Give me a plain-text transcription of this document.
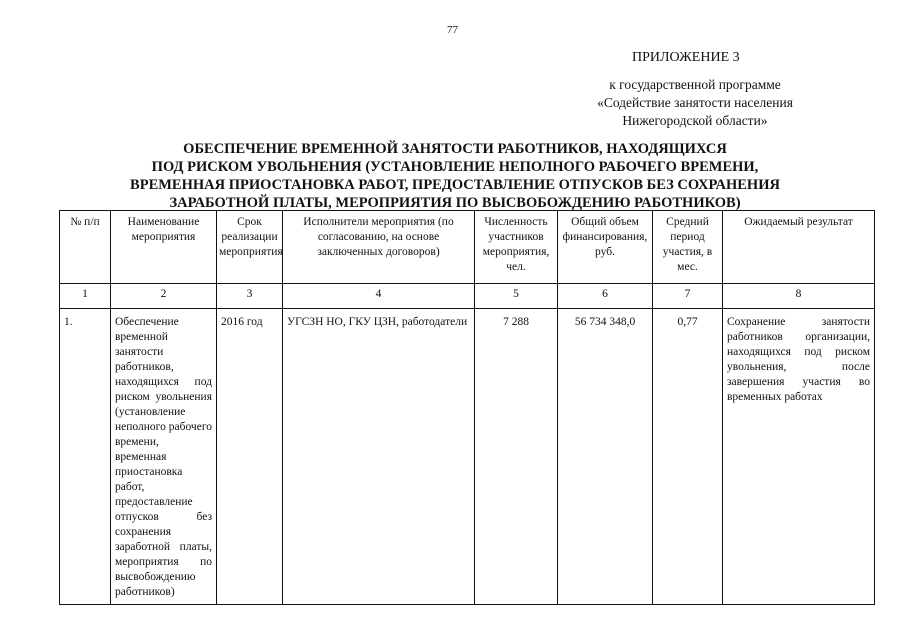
77
ПРИЛОЖЕНИЕ 3
к государственной программе
«Содействие занятости населения
Нижегородской области»
ОБЕСПЕЧЕНИЕ ВРЕМЕННОЙ ЗАНЯТОСТИ РАБОТНИКОВ, НАХОДЯЩИХСЯ
ПОД РИСКОМ УВОЛЬНЕНИЯ (УСТАНОВЛЕНИЕ НЕПОЛНОГО РАБОЧЕГО ВРЕМЕНИ,
ВРЕМЕННАЯ ПРИОСТАНОВКА РАБОТ, ПРЕДОСТАВЛЕНИЕ ОТПУСКОВ БЕЗ СОХРАНЕНИЯ
ЗАРАБОТНОЙ ПЛАТЫ, МЕРОПРИЯТИЯ ПО ВЫСВОБОЖДЕНИЮ РАБОТНИКОВ)
№ п/п	Наименование мероприятия	Срок реализации мероприятия	Исполнители мероприятия (по согласованию, на основе заключенных договоров)	Численность участников мероприятия, чел.	Общий объем финансирования, руб.	Средний период участия, в мес.	Ожидаемый результат
1	2	3	4	5	6	7	8
1.	Обеспечение временной занятости работников, находящихся под риском увольнения (установление неполного рабочего времени, временная приостановка работ, предоставление отпусков без сохранения заработной платы, мероприятия по высвобождению работников)	2016 год	УГСЗН НО, ГКУ ЦЗН, работодатели	7 288	56 734 348,0	0,77	Сохранение занятости работников организации, находящихся под риском увольнения, после завершения участия во временных работах
